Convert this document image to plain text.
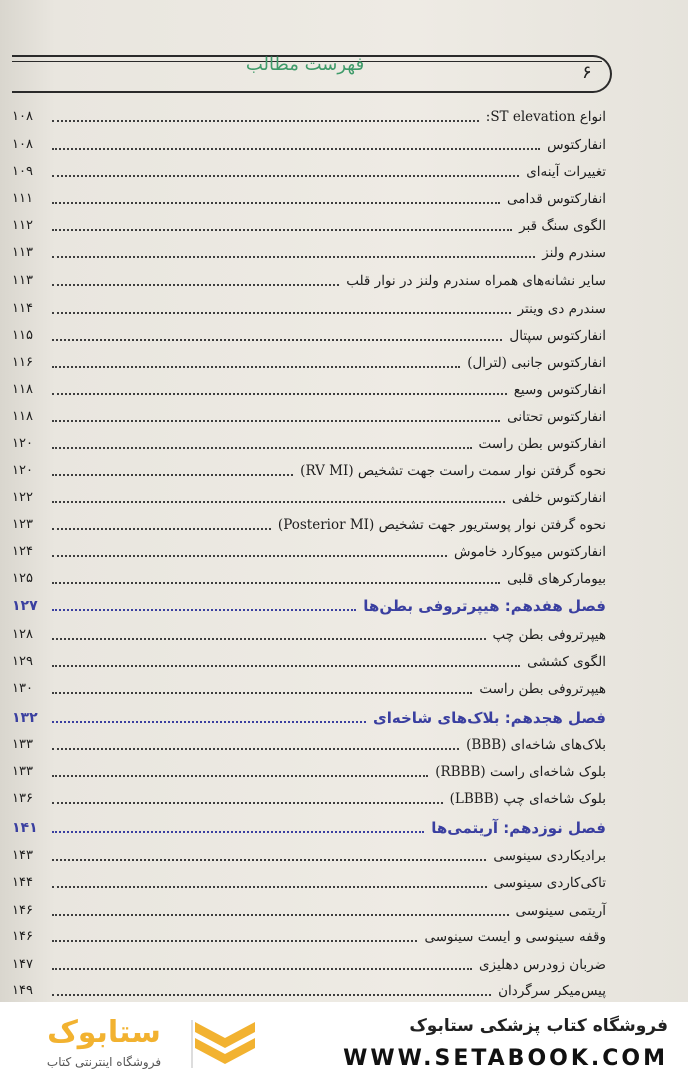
فهرست مطالب	۶
انواع ST elevation:
۱۰۸
انفارکتوس
۱۰۸
تغییرات آینه‌ای
۱۰۹
انفارکتوس قدامی
۱۱۱
الگوی سنگ قبر
۱۱۲
سندرم ولنز
۱۱۳
سایر نشانه‌های همراه سندرم ولنز در نوار قلب
۱۱۳
سندرم دی وینتر
۱۱۴
انفارکتوس سپتال
۱۱۵
انفارکتوس جانبی (لترال)
۱۱۶
انفارکتوس وسیع
۱۱۸
انفارکتوس تحتانی
۱۱۸
انفارکتوس بطن راست
۱۲۰
نحوه گرفتن نوار سمت راست جهت تشخیص (RV MI)
۱۲۰
انفارکتوس خلفی
۱۲۲
نحوه گرفتن نوار پوستریور جهت تشخیص (Posterior MI)
۱۲۳
انفارکتوس میوکارد خاموش
۱۲۴
بیومارکرهای قلبی
۱۲۵
فصل هفدهم: هیپرتروفی بطن‌ها
۱۲۷
هیپرتروفی بطن چپ
۱۲۸
الگوی کششی
۱۲۹
هیپرتروفی بطن راست
۱۳۰
فصل هجدهم: بلاک‌های شاخه‌ای
۱۳۲
بلاک‌های شاخه‌ای (BBB)
۱۳۳
بلوک شاخه‌ای راست (RBBB)
۱۳۳
بلوک شاخه‌ای چپ (LBBB)
۱۳۶
فصل نوزدهم: آریتمی‌ها
۱۴۱
برادیکاردی سینوسی
۱۴۳
تاکی‌کاردی سینوسی
۱۴۴
آریتمی سینوسی
۱۴۶
وقفه سینوسی و ایست سینوسی
۱۴۶
ضربان زودرس دهلیزی
۱۴۷
پیس‌میکر سرگردان
۱۴۹
ستابوک
فروشگاه اینترنتی کتاب
فروشگاه کتاب پزشکی ستابوک
WWW.SETABOOK.COM
